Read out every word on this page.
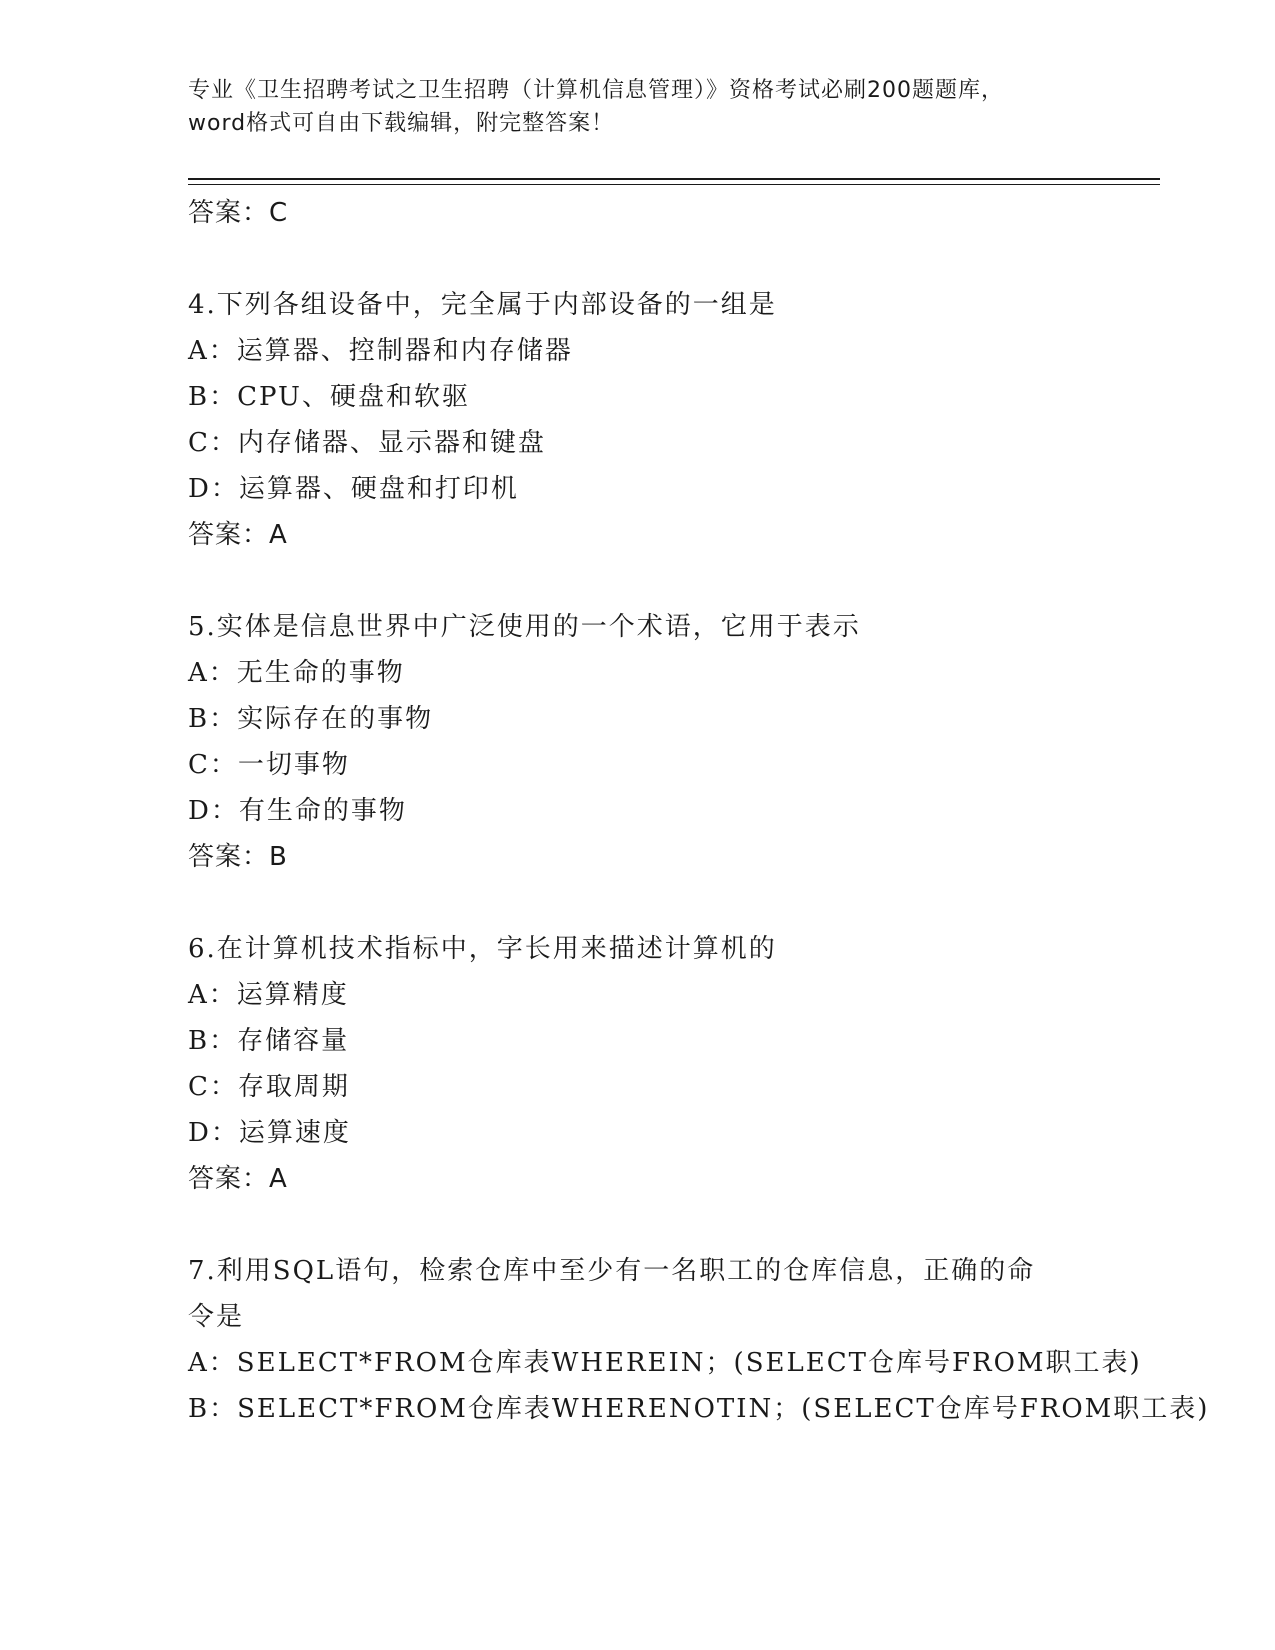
专业《卫生招聘考试之卫生招聘（计算机信息管理）》资格考试必刷200题题库，
word格式可自由下载编辑，附完整答案！
答案：C
4.下列各组设备中，完全属于内部设备的一组是
A：运算器、控制器和内存储器
B：CPU、硬盘和软驱
C：内存储器、显示器和键盘
D：运算器、硬盘和打印机
答案：A
5.实体是信息世界中广泛使用的一个术语，它用于表示
A：无生命的事物
B：实际存在的事物
C：一切事物
D：有生命的事物
答案：B
6.在计算机技术指标中，字长用来描述计算机的
A：运算精度
B：存储容量
C：存取周期
D：运算速度
答案：A
7.利用SQL语句，检索仓库中至少有一名职工的仓库信息，正确的命
令是
A：SELECT*FROM仓库表WHEREIN；(SELECT仓库号FROM职工表)
B：SELECT*FROM仓库表WHERENOTIN；(SELECT仓库号FROM职工表)
